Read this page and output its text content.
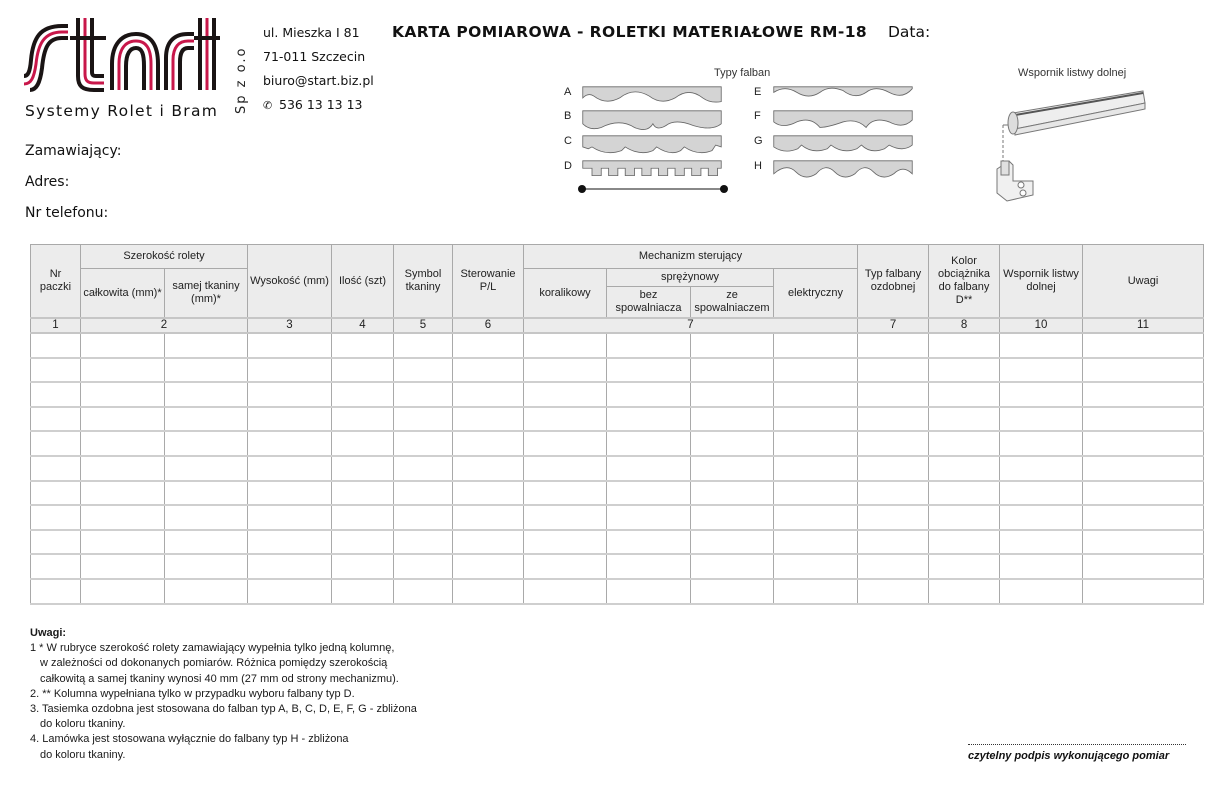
Sp z o.o
Systemy Rolet i Bram
ul. Mieszka I 81
71-011 Szczecin
biuro@start.biz.pl
✆ 536 13 13 13
KARTA POMIAROWA - ROLETKI MATERIAŁOWE RM-18 Data:
Zamawiający:
Adres:
Nr telefonu:
Typy falban
A
B
C
D
E
F
G
H
Wspornik listwy dolnej
Nr paczki	Szerokość rolety		Wysokość (mm)	Ilość (szt)	Symbol tkaniny	Sterowanie P/L	Mechanizm sterujący				Typ falbany ozdobnej	Kolor obciążnika do falbany D**	Wspornik listwy dolnej	Uwagi
	całkowita (mm)*	samej tkaniny (mm)*					koralikowy	sprężynowy		elektryczny				
								bez spowalniacza	ze spowalniaczem					
1	2		3	4	5	6	7				7	8	10	11

Uwagi:
1 * W rubryce szerokość rolety zamawiający wypełnia tylko jedną kolumnę,
w zależności od dokonanych pomiarów. Różnica pomiędzy szerokością
całkowitą a samej tkaniny wynosi 40 mm (27 mm od strony mechanizmu).
2. ** Kolumna wypełniana tylko w przypadku wyboru falbany typ D.
3. Tasiemka ozdobna jest stosowana do falban typ A, B, C, D, E, F, G - zbliżona
do koloru tkaniny.
4. Lamówka jest stosowana wyłącznie do falbany typ H - zbliżona
do koloru tkaniny.	czytelny podpis wykonującego pomiar
